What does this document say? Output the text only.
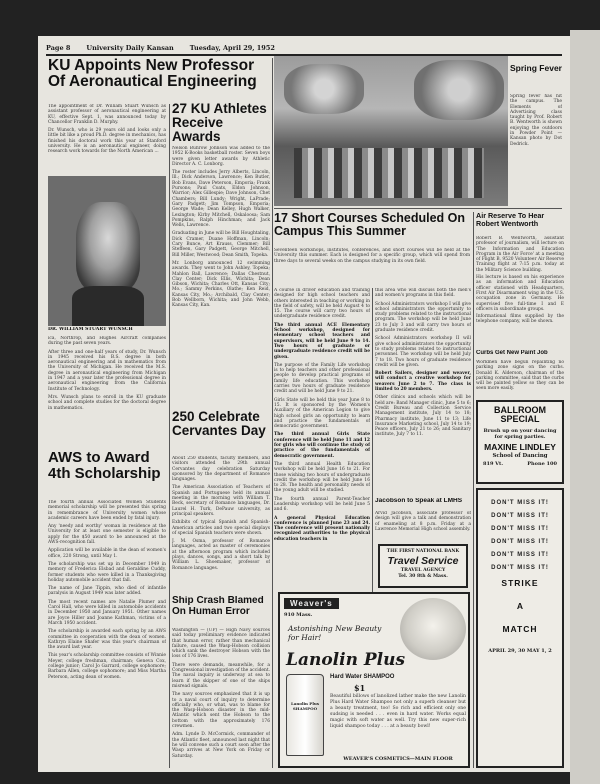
Page 8 University Daily Kansan Tuesday, April 29, 1952
KU Appoints New Professor Of Aeronautical Engineering

The appointment of Dr. William Stuart Wunsch as assistant professor of aeronautical engineering at KU, effective Sept. 1, was announced today by Chancellor Franklin D. Murphy.

Dr. Wunsch, who is 29 years old and looks only a little bit like a proud Ph.D. degree in mechanics, has finished his doctoral work this year at Stanford university. He is an aeronautical engineer, doing research work towards for the North American ...

DR. WILLIAM STUART WUNSCH

ica, Northrop, and Hughes Aircraft companies during the past seven years.

After three and one-half years of study, Dr. Wunsch in 1945 received his B.S. degree in both aeronautical engineering and in mathematics from the University of Michigan. He received the M.S. degree in aeronautical engineering from Michigan in 1947 and a year later the professional degree in aeronautical engineering from the California Institute of Technology.

Mrs. Wunsch plans to enroll in the KU graduate school and complete studies for the doctoral degree in mathematics.

AWS to Award 4th Scholarship

The fourth annual Associated Women Students memorial scholarship will be presented this spring in remembrance of University women whose academic careers have been ended by fatal injury.

Any 'needy and worthy' woman in residence at the University for at least one semester is eligible to apply for the $50 award to be announced at the AWS-recognition fall.

Application will be available in the dean of women's office, 220 Strong, until May 1.

The scholarship was set up in December 1949 in memory of Frederica Elsbad and Geraldine Cuddy, former students who were killed in a Thanksgiving holiday automobile accident that fall.

The name of Jane Tippin, who died of infantile paralysis in August 1949 was later added.

The most recent names are Natalie Plumer and Carol Hall, who were killed in automobile accidents in December 1950 and January 1951. Other names are Joyce Hiller and Joanne Kathman, victims of a March 1950 accident.

The scholarship is awarded each spring by an AWS committee in cooperation with the dean of women. Kathryn Elaine Shafer was this year's chairman of the award last year.

This year's scholarship committee consists of Winnie Meyer, college freshman, chairman; Geneva Cox, college junior; Carol Jo Garrard, college sophomore; Barbara Allen, college sophomore; and Miss Martha Peterson, acting dean of women.

27 KU Athletes Receive Awards

Nelson Buhrow Johnson was added to the 1952 K-Books basketball roster. Seven boys were given letter awards by Athletic Director A. C. Lonborg.

The roster includes Jerry Alberts, Lincoln, Ill.; Dick Anderson, Lawrence; Ken Butler, Bob Evans, Dave Peterson, Emporia; Frank Pursons; Paul Coats, Eldon Johnson, Warrior; Alex Gillespie; Dave Johnson, Chet Chambers; Bill Lundy; Wright, LaPrade; Gary Padgett; Jim Tompson, Emporia; George Wade; Dean Kelley, Hugh Walker, Lexington; Kirby Mitchell, Oskaloosa; Sam Pompkins, Ralph Hinchman; and Jack Wells, Lawrence.

Graduating in June will be Bill Houghtaling, Dick Cramer, Duane Hoffman, Lincoln; Cary Bunce, Art Krauss, Clemmer; Bill Steffeen, Gary Padgett, George Mitchell, Bill Miller, Westwood; Dean Smith, Topeka.

Mr. Lonborg announced 12 swimming awards. They went to John Ashley, Topeka; Mahlon Ball, Lawrence; Dallas Chestnut, Clay Center; Dick Ellis, Wichita; Dean Gibson, Wichita; Charles Ott, Kansas City; Mo.; Sammy Perkins, Olathe; Ken Reid, Kansas City, Mo.; Archibald, Clay Center; Bob Wellborn, Wichita; and John Webb, Kansas City, Kan.

250 Celebrate Cervantes Day

About 250 students, faculty members, and visitors attended the 29th annual Cervantes day celebration Saturday sponsored by the department of Romance languages.

The American Association of Teachers of Spanish and Portuguese held its annual meeting in the morning with William T. Beck, secretary of Romance languages, Dr. Laurel H. Turk, DePauw university, as principal speakers.

Exhibits of typical Spanish and Spanish-American articles and two special displays of special Spanish teachers were shown.

J. M. Osma, professor of Romance languages, acted as master of ceremonies at the afternoon program which included plays, dances, songs, and a short talk by William L. Shoemaker, professor of Romance languages.

Ship Crash Blamed On Human Error

Washington — (UP) — High Navy sources said today preliminary evidence indicated that human error, rather than mechanical failure, caused the Wasp-Hobson collision which sank the destroyer Hobson with the loss of 176 lives.

There were demands, meanwhile, for a Congressional investigation of the accident. The naval inquiry is underway at sea to learn if the skipper of one of the ships misread signals.

The navy sources emphasized that it is up to a naval court of inquiry to determine officially who, or what, was to blame for the Wasp-Hobson disaster in the mid-Atlantic which sent the Hobson to the bottom with the approximately 176 crewmen.

Adm. Lynde D. McCormick, commander of the Atlantic fleet, announced last night that he will convene such a court soon after the Wasp arrives at New York on Friday or Saturday.

Spring Fever
Spring fever has hit the campus. The Elements of Advertising class taught by Prof. Robert B. Wentworth is shown enjoying the outdoors in Powder Point — Kansan photo by Dot Dedrick.
17 Short Courses Scheduled On Campus This Summer
Seventeen workshops, institutes, conferences, and short courses will be held at the University this summer. Each is designed for a specific group, which will spend from three days to several weeks on the campus studying in its own field.

A course in driver education and training designed for high school teachers and others interested in teaching or working in the field of safety, will be held August 4 to 15. The course will carry two hours of undergraduate residence credit.

The third annual ACE Elementary School workshop, designed for elementary school teachers and supervisors, will be held June 9 to 14. Two hours of graduate or undergraduate residence credit will be given.

The purpose of the Family Life workshop is to help teachers and other professional people to develop practical programs of family life education. This workshop carries two hours of graduate residence credit and will be held June 9 to 21.

Girls State will be held this year June 8 to 15. It is sponsored by the Women's Auxiliary of the American Legion to give high school girls an opportunity to learn and practice the fundamentals of democratic government.

The third annual Girls State conference will be held June 11 and 12 for girls who will continue the study of practice of the fundamentals of democratic government.

The third annual Health Education workshop will be held June 16 to 21. For those wishing two hours of undergraduate credit the workshop will be held June 16 to 28. The health and personality needs of the young adult will be studied.

The fourth annual Parent-Teacher Leadership workshop will be held June 5 and 6.

A general Physical Education conference is planned June 23 and 24. The conference will present nationally recognized authorities to the physical education teachers in

this area who will discuss both the men's and women's programs in this field.

School Administrators workshop I will give school administrators the opportunity to study problems related to the instructional program. The workshop will be held June 23 to July 3 and will carry two hours of graduate residence credit.

School Administrators workshop II will give school administrators the opportunity to study problems related to instructional personnel. The workshop will be held July 7 to 18. Two hours of graduate residence credit will be given.

Robert Sailers, designer and weaver, will conduct a creative workshop for weavers June 2 to 7. The class is limited to 20 members.

Other clinics and schools which will be held are: Band Manager clinic, June 5 to 6; Credit Bureau and Collection Service Management institute, July 14 to 18; Pharmacy institute, June 11 to 13; Life Insurance Marketing school, July 14 to 19; Peace officers, July 21 to 26; and Sanitary institute, July 7 to 11.

Jacobson to Speak at LMHS
Arvid Jacobson, associate professor of design will give a talk and demonstration of enameling at 8 p.m. Friday at a Lawrence Memorial High school assembly.
THE FIRST NATIONAL BANK
Travel Service
TRAVEL AGENCY
Tel. 30 8th & Mass.
Air Reserve To Hear Robert Wentworth

Robert B. Wentworth, assistant professor of journalism, will lecture on 'The Information and Education Program in the Air Force' at a meeting of Flight B, 9520 Volunteer Air Reserve Training flight at 7:15 p.m. today at the Military Science building.

His lecture is based on his experience as an information and Education officer stationed with Headquarters, First Air Disarmament wing in the U.S. occupation zone in Germany. He supervised five full-time I and E officers in subordinate groups.

Informational films supplied by the telephone company, will be shown.

Curbs Get New Paint Job
Workmen have begun repainting no parking zone signs on the curbs. Donald K. Alderson, chairman of the parking committee, said that the curbs will be painted yellow so they can be seen more easily.
BALLROOM SPECIAL
Brush up on your dancing for spring parties.
MAXINE LINDLEY
School of Dancing
819 Vt.	Phone 100
DON'T MISS IT!
DON'T MISS IT!
DON'T MISS IT!
DON'T MISS IT!
DON'T MISS IT!
DON'T MISS IT!
STRIKE
A
MATCH
APRIL 29, 30 MAY 1, 2
Weaver's
910 Mass.
Astonishing New Beauty for Hair!
Lanolin Plus
Hard Water SHAMPOO
$1
Lanolin Plus SHAMPOO
Beautiful billows of lanolized lather make the new Lanolin Plus Hard Water Shampoo not only a superb cleanser but a beauty treatment, too! So rich and efficient only one sudsing is needed . . . even in hard water. Works equal magic with soft water as well. Try this new super-rich liquid shampoo today . . . at a beauty bowl!
WEAVER'S COSMETICS—MAIN FLOOR
